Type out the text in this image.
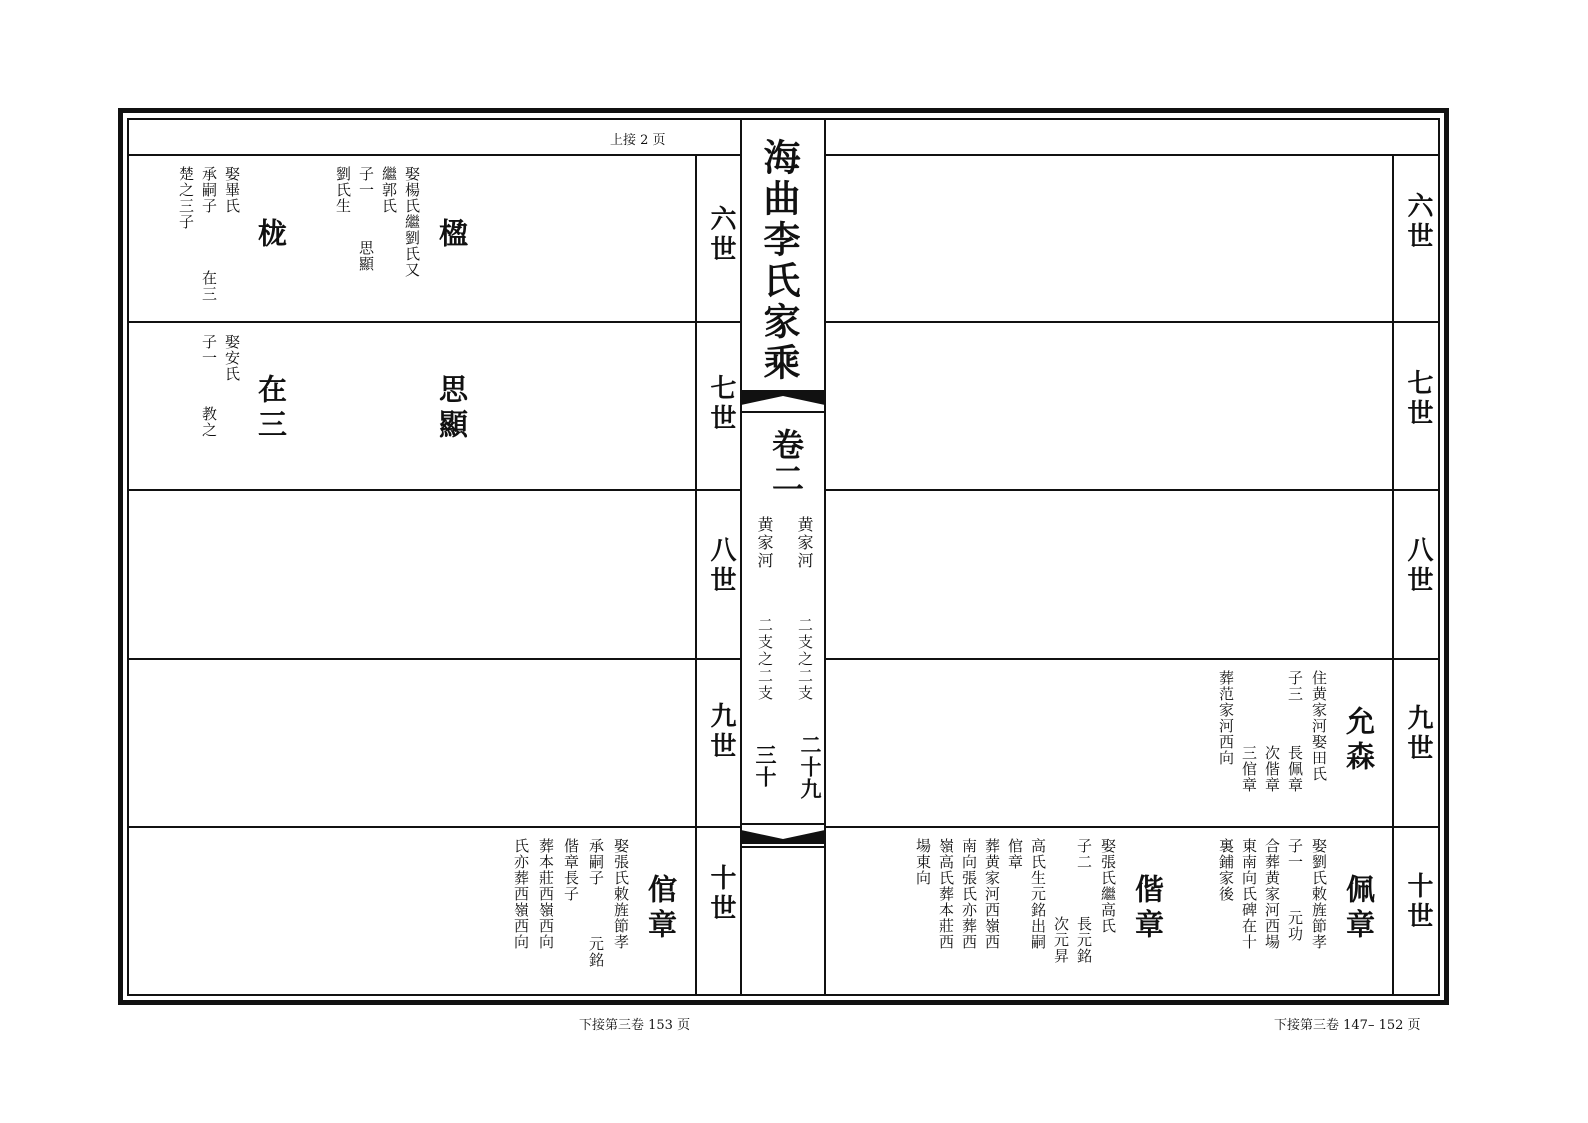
上接 2 页 海曲李氏家乘
卷二
黄家河
黄家河
二支之二支
二支之二支
二十九
三十
六世
七世
八世
九世
十世
六世
七世
八世
九世
十世
楹
娶楊氏繼劉氏又
繼郭氏
子一
劉氏生
思顯
栊
娶畢氏
承嗣子
楚之三子
在三
思顯
在三
娶安氏
子一
教之
倌章
娶張氏敕旌節孝
承嗣子
偕章長子
葬本莊西嶺西向
氏亦葬西嶺西向
元銘
允森
住黄家河娶田氏
子三
長佩章
次偕章
三倌章
葬范家河西向
佩章
娶劉氏敕旌節孝
子一
合葬黄家河西場
東南向氏碑在十
裏鋪家後
元功
偕章
娶張氏繼高氏
子二
高氏生元銘出嗣
倌章
葬黄家河西嶺西
南向張氏亦葬西
嶺高氏葬本莊西
場東向
長元銘
次元昇
下接第三卷 153 页	下接第三卷 147– 152 页
